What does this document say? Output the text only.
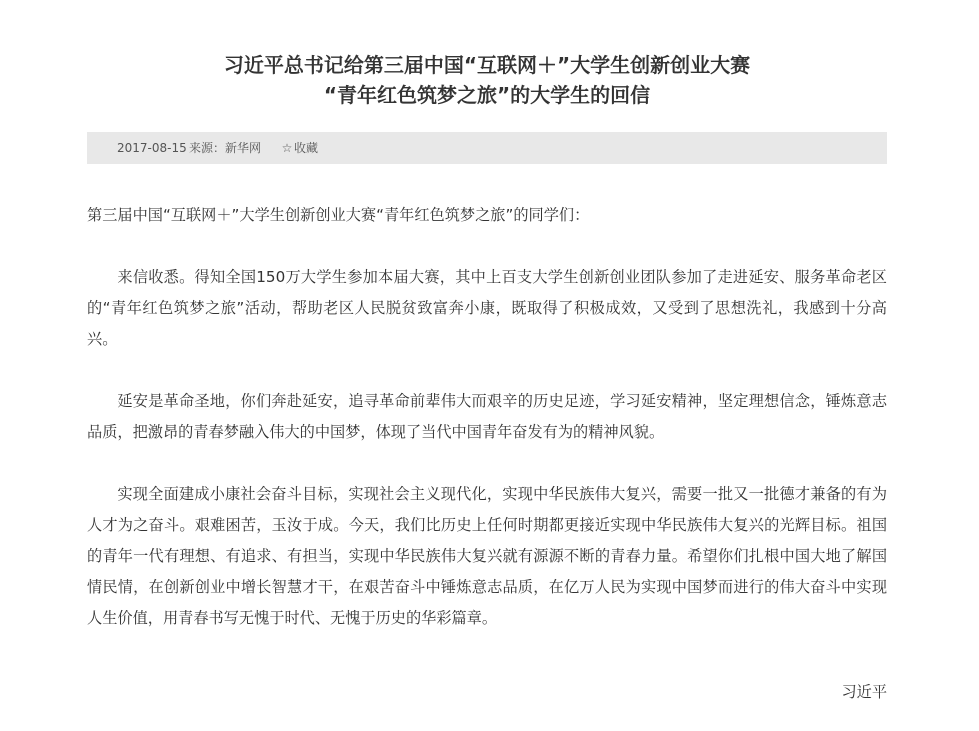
习近平总书记给第三届中国“互联网＋”大学生创新创业大赛
“青年红色筑梦之旅”的大学生的回信
2017-08-15 来源：新华网 ☆ 收藏

第三届中国“互联网＋”大学生创新创业大赛“青年红色筑梦之旅”的同学们：

来信收悉。得知全国150万大学生参加本届大赛，其中上百支大学生创新创业团队参加了走进延安、服务革命老区的“青年红色筑梦之旅”活动，帮助老区人民脱贫致富奔小康，既取得了积极成效，又受到了思想洗礼，我感到十分高兴。

延安是革命圣地，你们奔赴延安，追寻革命前辈伟大而艰辛的历史足迹，学习延安精神，坚定理想信念，锤炼意志品质，把激昂的青春梦融入伟大的中国梦，体现了当代中国青年奋发有为的精神风貌。

实现全面建成小康社会奋斗目标，实现社会主义现代化，实现中华民族伟大复兴，需要一批又一批德才兼备的有为人才为之奋斗。艰难困苦，玉汝于成。今天，我们比历史上任何时期都更接近实现中华民族伟大复兴的光辉目标。祖国的青年一代有理想、有追求、有担当，实现中华民族伟大复兴就有源源不断的青春力量。希望你们扎根中国大地了解国情民情，在创新创业中增长智慧才干，在艰苦奋斗中锤炼意志品质，在亿万人民为实现中国梦而进行的伟大奋斗中实现人生价值，用青春书写无愧于时代、无愧于历史的华彩篇章。

习近平
